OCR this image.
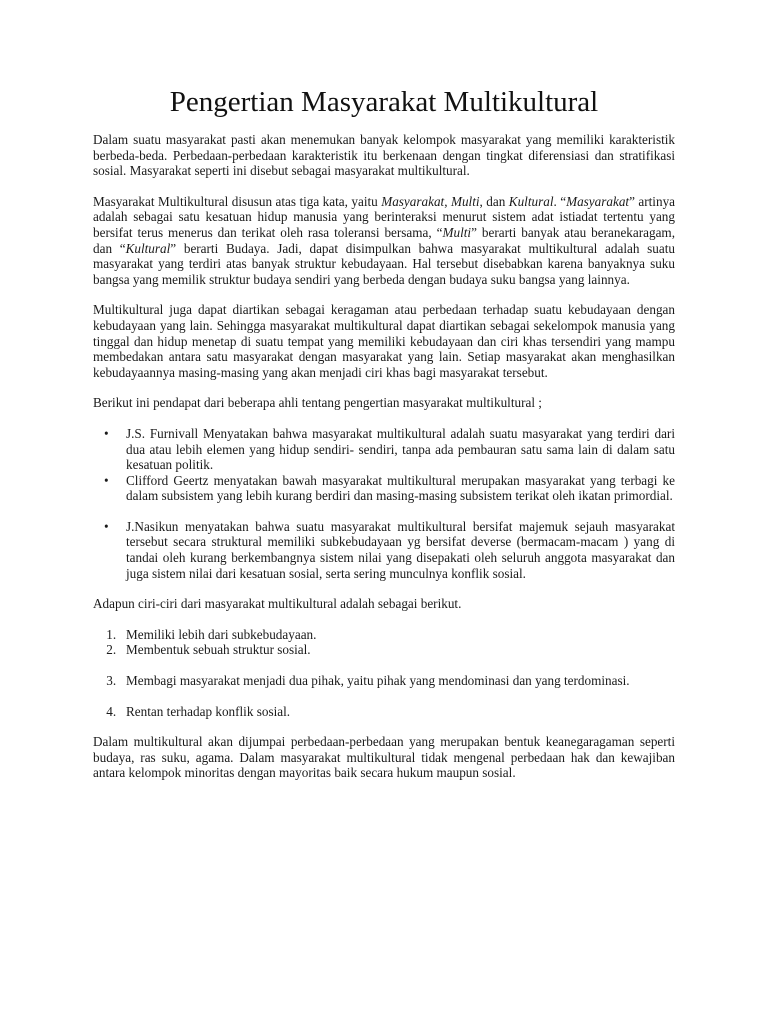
Pengertian Masyarakat Multikultural

Dalam suatu masyarakat pasti akan menemukan banyak kelompok masyarakat yang memiliki karakteristik berbeda-beda. Perbedaan-perbedaan karakteristik itu berkenaan dengan tingkat diferensiasi dan stratifikasi sosial. Masyarakat seperti ini disebut sebagai masyarakat multikultural.

Masyarakat Multikultural disusun atas tiga kata, yaitu Masyarakat, Multi, dan Kultural. “Masyarakat” artinya adalah sebagai satu kesatuan hidup manusia yang berinteraksi menurut sistem adat istiadat tertentu yang bersifat terus menerus dan terikat oleh rasa toleransi bersama, “Multi” berarti banyak atau beranekaragam, dan “Kultural” berarti Budaya. Jadi, dapat disimpulkan bahwa masyarakat multikultural adalah suatu masyarakat yang terdiri atas banyak struktur kebudayaan. Hal tersebut disebabkan karena banyaknya suku bangsa yang memilik struktur budaya sendiri yang berbeda dengan budaya suku bangsa yang lainnya.

Multikultural juga dapat diartikan sebagai keragaman atau perbedaan terhadap suatu kebudayaan dengan kebudayaan yang lain. Sehingga masyarakat multikultural dapat diartikan sebagai sekelompok manusia yang tinggal dan hidup menetap di suatu tempat yang memiliki kebudayaan dan ciri khas tersendiri yang mampu membedakan antara satu masyarakat dengan masyarakat yang lain. Setiap masyarakat akan menghasilkan kebudayaannya masing-masing yang akan menjadi ciri khas bagi masyarakat tersebut.

Berikut ini pendapat dari beberapa ahli tentang pengertian masyarakat multikultural ;

• J.S. Furnivall Menyatakan bahwa masyarakat multikultural adalah suatu masyarakat yang terdiri dari dua atau lebih elemen yang hidup sendiri- sendiri, tanpa ada pembauran satu sama lain di dalam satu kesatuan politik.
• Clifford Geertz menyatakan bawah masyarakat multikultural merupakan masyarakat yang terbagi ke dalam subsistem yang lebih kurang berdiri dan masing-masing subsistem terikat oleh ikatan primordial.
• J.Nasikun menyatakan bahwa suatu masyarakat multikultural bersifat majemuk sejauh masyarakat tersebut secara struktural memiliki subkebudayaan yg bersifat deverse (bermacam-macam ) yang di tandai oleh kurang berkembangnya sistem nilai yang disepakati oleh seluruh anggota masyarakat dan juga sistem nilai dari kesatuan sosial, serta sering munculnya konflik sosial.

Adapun ciri-ciri dari masyarakat multikultural adalah sebagai berikut.

1. Memiliki lebih dari subkebudayaan.
2. Membentuk sebuah struktur sosial.
3. Membagi masyarakat menjadi dua pihak, yaitu pihak yang mendominasi dan yang terdominasi.
4. Rentan terhadap konflik sosial.

Dalam multikultural akan dijumpai perbedaan-perbedaan yang merupakan bentuk keanegaragaman seperti budaya, ras suku, agama. Dalam masyarakat multikultural tidak mengenal perbedaan hak dan kewajiban antara kelompok minoritas dengan mayoritas baik secara hukum maupun sosial.
